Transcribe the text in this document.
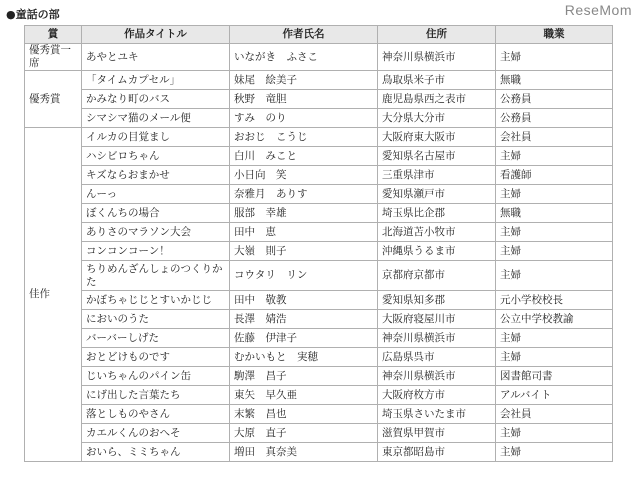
●童話の部	ReseMom
賞	作品タイトル	作者氏名	住所	職業
優秀賞一席	あやとユキ	いながき　ふさこ	神奈川県横浜市	主婦
優秀賞	「タイムカプセル」	妹尾　絵美子	鳥取県米子市	無職
	かみなり町のバス	秋野　竜胆	鹿児島県西之表市	公務員
	シマシマ猫のメール便	すみ　のり	大分県大分市	公務員
佳作	イルカの目覚まし	おおじ　こうじ	大阪府東大阪市	会社員
	ハシビロちゃん	白川　みこと	愛知県名古屋市	主婦
	キズならおまかせ	小日向　笑	三重県津市	看護師
	んーっ	奈雅月　ありす	愛知県瀬戸市	主婦
	ぼくんちの場合	服部　幸雄	埼玉県比企郡	無職
	ありさのマラソン大会	田中　恵	北海道苫小牧市	主婦
	コンコンコーン！	大嶺　則子	沖縄県うるま市	主婦
	ちりめんざんしょのつくりかた	コウタリ　リン	京都府京都市	主婦
	かぼちゃじじとすいかじじ	田中　敬教	愛知県知多郡	元小学校校長
	においのうた	長澤　婧浩	大阪府寝屋川市	公立中学校教諭
	バーバーしげた	佐藤　伊津子	神奈川県横浜市	主婦
	おとどけものです	むかいもと　実穂	広島県呉市	主婦
	じいちゃんのパイン缶	駒澤　昌子	神奈川県横浜市	図書館司書
	にげ出した言葉たち	東矢　早久亜	大阪府枚方市	アルバイト
	落としものやさん	末繁　昌也	埼玉県さいたま市	会社員
	カエルくんのおへそ	大原　直子	滋賀県甲賀市	主婦
	おいら、ミミちゃん	増田　真奈美	東京都昭島市	主婦
